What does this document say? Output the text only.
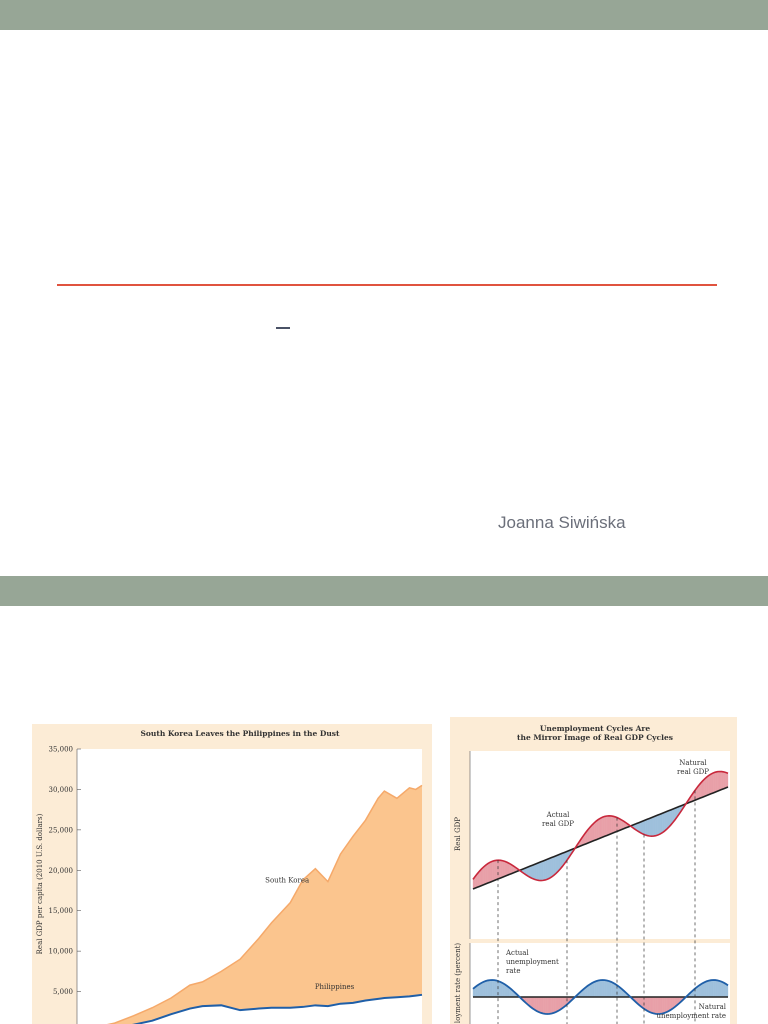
Joanna Siwińska
South Korea Leaves the Philippines in the Dust
Real GDP per capita (2010 U.S. dollars)
35,000
30,000
25,000
20,000
15,000
10,000
5,000
South Korea
Philippines
Unemployment Cycles Are
the Mirror Image of Real GDP Cycles
Real GDP
loyment rate (percent)
Natural
real GDP
Actual
real GDP
Actual
unemployment
rate
Natural
unemployment rate
